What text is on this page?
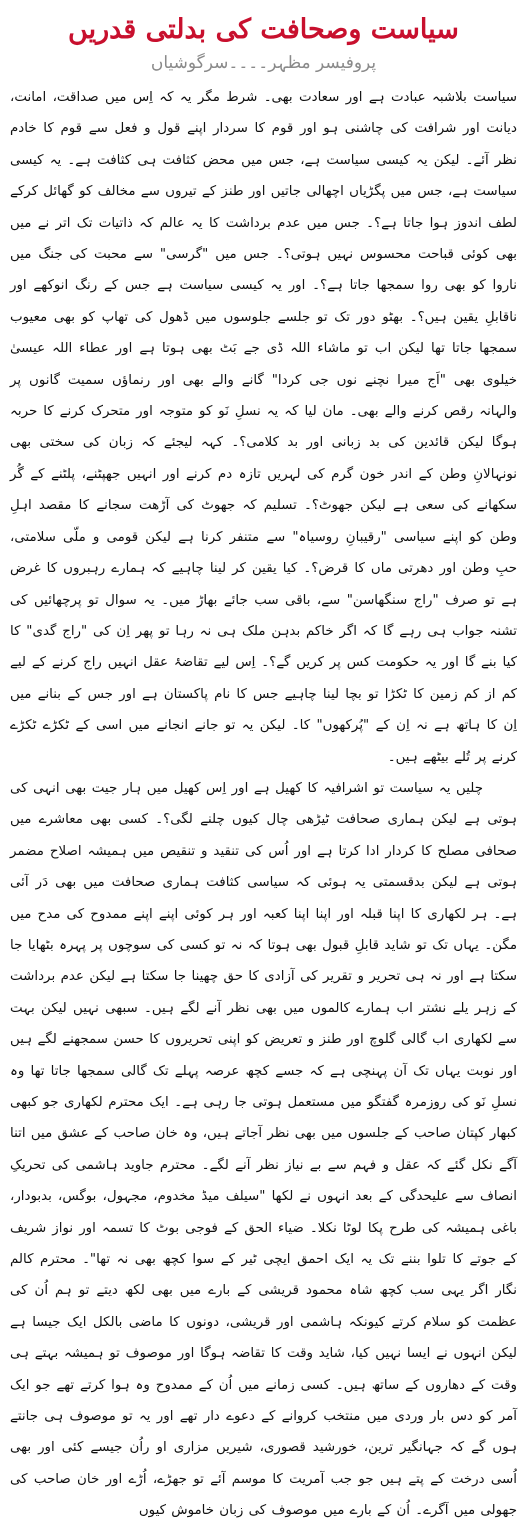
سیاست وصحافت کی بدلتی قدریں
پروفیسر مظہر۔۔۔۔سرگوشیاں

سیاست بلاشبہ عبادت ہے اور سعادت بھی۔ شرط مگر یہ کہ اِس میں صداقت، امانت، دیانت اور شرافت کی چاشنی ہو اور قوم کا سردار اپنے قول و فعل سے قوم کا خادم نظر آئے۔ لیکن یہ کیسی سیاست ہے، جس میں محض کثافت ہی کثافت ہے۔ یہ کیسی سیاست ہے، جس میں پگڑیاں اچھالی جاتیں اور طنز کے تیروں سے مخالف کو گھائل کرکے لطف اندوز ہوا جاتا ہے؟۔ جس میں عدم برداشت کا یہ عالم کہ ذاتیات تک اتر نے میں بھی کوئی قباحت محسوس نہیں ہوتی؟۔ جس میں "گرسی" سے محبت کی جنگ میں ناروا کو بھی روا سمجھا جاتا ہے؟۔ اور یہ کیسی سیاست ہے جس کے رنگ انوکھے اور ناقابلِ یقین ہیں؟۔ بھٹو دور تک تو جلسے جلوسوں میں ڈھول کی تھاپ کو بھی معیوب سمجھا جاتا تھا لیکن اب تو ماشاء اللہ ڈی جے بَٹ بھی ہوتا ہے اور عطاء اللہ عیسیٰ خیلوی بھی "اَج میرا نچنے نوں جی کردا" گانے والے بھی اور رنماؤں سمیت گانوں پر والہانہ رقص کرنے والے بھی۔ مان لیا کہ یہ نسلِ نَو کو متوجہ اور متحرک کرنے کا حربہ ہوگا لیکن قائدین کی بد زبانی اور بد کلامی؟۔ کہہ لیجئے کہ زبان کی سختی بھی نونہالانِ وطن کے اندر خون گرم کی لہریں تازہ دم کرنے اور انہیں جھپٹنے، پلٹنے کے گُر سکھانے کی سعی ہے لیکن جھوٹ؟۔ تسلیم کہ جھوٹ کی آڑھت سجانے کا مقصد اہلِ وطن کو اپنے سیاسی "رقیبانِ روسیاہ" سے متنفر کرنا ہے لیکن قومی و ملّی سلامتی، حبِ وطن اور دھرتی ماں کا قرض؟۔ کیا یقین کر لینا چاہیے کہ ہمارے رہبروں کا غرض ہے تو صرف "راج سنگھاسن" سے، باقی سب جائے بھاڑ میں۔ یہ سوال تو پرچھائیں کی تشنہ جواب ہی رہے گا کہ اگر خاکم بدہن ملک ہی نہ رہا تو پھر اِن کی "راج گدی" کا کیا بنے گا اور یہ حکومت کس پر کریں گے؟۔ اِس لیے تقاضۂ عقل انہیں راج کرنے کے لیے کم از کم زمین کا ٹکڑا تو بچا لینا چاہیے جس کا نام پاکستان ہے اور جس کے بنانے میں اِن کا ہاتھ ہے نہ اِن کے "پُرکھوں" کا۔ لیکن یہ تو جانے انجانے میں اسی کے ٹکڑے ٹکڑے کرنے پر تُلے بیٹھے ہیں۔

چلیں یہ سیاست تو اشرافیہ کا کھیل ہے اور اِس کھیل میں ہار جیت بھی انہی کی ہوتی ہے لیکن ہماری صحافت ٹیڑھی چال کیوں چلنے لگی؟۔ کسی بھی معاشرے میں صحافی مصلح کا کردار ادا کرتا ہے اور اُس کی تنقید و تنقیص میں ہمیشہ اصلاح مضمر ہوتی ہے لیکن بدقسمتی یہ ہوئی کہ سیاسی کثافت ہماری صحافت میں بھی دَر آئی ہے۔ ہر لکھاری کا اپنا قبلہ اور اپنا اپنا کعبہ اور ہر کوئی اپنے اپنے ممدوح کی مدح میں مگن۔ یہاں تک تو شاید قابلِ قبول بھی ہوتا کہ نہ تو کسی کی سوچوں پر پہرہ بٹھایا جا سکتا ہے اور نہ ہی تحریر و تقریر کی آزادی کا حق چھینا جا سکتا ہے لیکن عدم برداشت کے زہر یلے نشتر اب ہمارے کالموں میں بھی نظر آنے لگے ہیں۔ سبھی نہیں لیکن بہت سے لکھاری اب گالی گلوچ اور طنز و تعریض کو اپنی تحریروں کا حسن سمجھنے لگے ہیں اور نوبت یہاں تک آن پہنچی ہے کہ جسے کچھ عرصہ پہلے تک گالی سمجھا جاتا تھا وہ نسلِ نَو کی روزمرہ گفتگو میں مستعمل ہوتی جا رہی ہے۔ ایک محترم لکھاری جو کبھی کبھار کپتان صاحب کے جلسوں میں بھی نظر آجاتے ہیں، وہ خان صاحب کے عشق میں اتنا آگے نکل گئے کہ عقل و فہم سے بے نیاز نظر آنے لگے۔ محترم جاوید ہاشمی کی تحریکِ انصاف سے علیحدگی کے بعد انہوں نے لکھا "سیلف میڈ مخدوم، مجہول، بوگس، بدبودار، باغی ہمیشہ کی طرح پکا لوٹا نکلا۔ ضیاء الحق کے فوجی بوٹ کا تسمہ اور نواز شریف کے جوتے کا تلوا بننے تک یہ ایک احمق ایچی ٹیر کے سوا کچھ بھی نہ تھا"۔ محترم کالم نگار اگر یہی سب کچھ شاہ محمود قریشی کے بارے میں بھی لکھ دیتے تو ہم اُن کی عظمت کو سلام کرتے کیونکہ ہاشمی اور قریشی، دونوں کا ماضی بالکل ایک جیسا ہے لیکن انہوں نے ایسا نہیں کیا، شاید وقت کا تقاضہ ہوگا اور موصوف تو ہمیشہ بہتے ہی وقت کے دھاروں کے ساتھ ہیں۔ کسی زمانے میں اُن کے ممدوح وہ ہوا کرتے تھے جو ایک آمر کو دس بار وردی میں منتخب کروانے کے دعوے دار تھے اور یہ تو موصوف ہی جانتے ہوں گے کہ جہانگیر ترین، خورشید قصوری، شیریں مزاری او راُن جیسے کئی اور بھی اُسی درخت کے پتے ہیں جو جب آمریت کا موسم آئے تو جھڑے، اُڑے اور خان صاحب کی جھولی میں آگرے۔ اُن کے بارے میں موصوف کی زبان خاموش کیوں
